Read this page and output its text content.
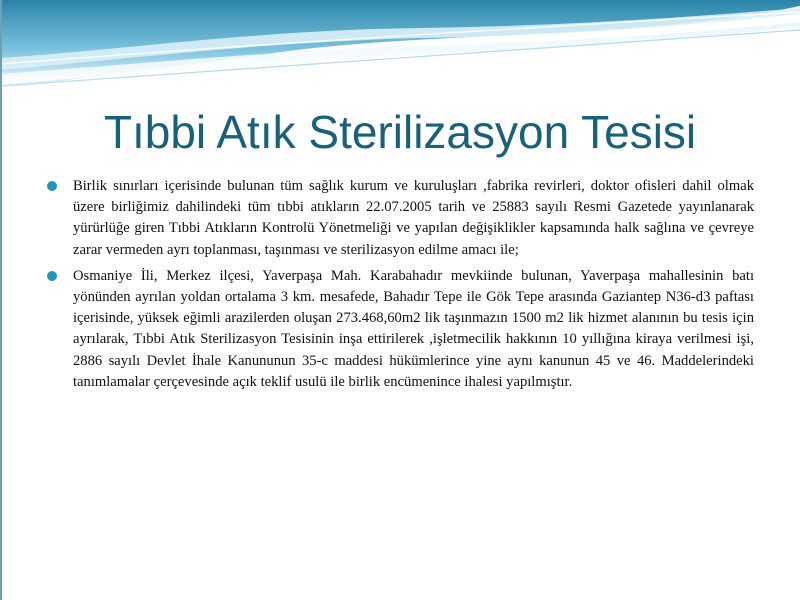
Tıbbi Atık Sterilizasyon Tesisi

Birlik sınırları içerisinde bulunan tüm sağlık kurum ve kuruluşları ,fabrika revirleri, doktor ofisleri dahil olmak üzere birliğimiz dahilindeki tüm tıbbi atıkların 22.07.2005 tarih ve 25883 sayılı Resmi Gazetede yayınlanarak yürürlüğe giren Tıbbi Atıkların Kontrolü Yönetmeliği ve yapılan değişiklikler kapsamında halk sağlına ve çevreye zarar vermeden ayrı toplanması, taşınması ve sterilizasyon edilme amacı ile;

Osmaniye İli, Merkez ilçesi, Yaverpaşa Mah. Karabahadır mevkiinde bulunan, Yaverpaşa mahallesinin batı yönünden ayrılan yoldan ortalama 3 km. mesafede, Bahadır Tepe ile Gök Tepe arasında Gaziantep N36-d3 paftası içerisinde, yüksek eğimli arazilerden oluşan 273.468,60m2 lik taşınmazın 1500 m2 lik hizmet alanının bu tesis için ayrılarak, Tıbbi Atık Sterilizasyon Tesisinin inşa ettirilerek ,işletmecilik hakkının 10 yıllığına kiraya verilmesi işi, 2886 sayılı Devlet İhale Kanununun 35-c maddesi hükümlerince yine aynı kanunun 45 ve 46. Maddelerindeki tanımlamalar çerçevesinde açık teklif usulü ile birlik encümenince ihalesi yapılmıştır.
